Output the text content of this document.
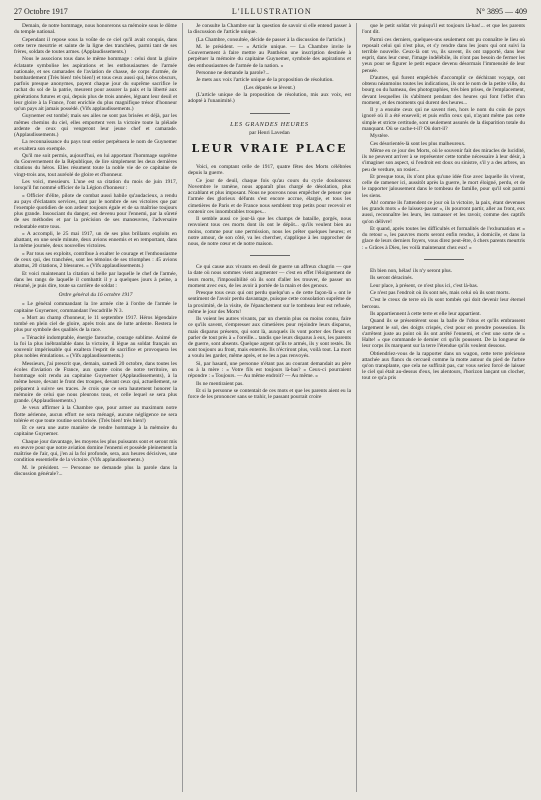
27 Octobre 1917	L'ILLUSTRATION	N° 3895 — 409

Demain, de notre hommage, nous honorerons sa mémoire sous le dôme du temple national.

Cependant il repose sous la voûte de ce ciel qu'il avait conquis, dans cette terre meurtrie et sainte de la ligne des tranchées, parmi tant de ses frères, soldats de toutes armes. (Applaudissements.)

Nous le associons tous dans le même hommage : celui dont la gloire éclatante symbolise les aspirations et les enthousiasmes de l'armée nationale, et ses camarades de l'aviation de chasse, de corps d'armée, de bombardement (Très bien! très bien!) et tous ceux aussi qui, héros obscurs, parfois presque anonymes, payent chaque jour du suprême sacrifice le rachat du sol de la patrie, meurent pour assurer la paix et la liberté aux générations futures et qui, depuis plus de trois années, léguant leur deuil et leur gloire à la France, l'ont enrichie du plus magnifique trésor d'honneur qu'un pays ait jamais possédé. (Vifs applaudissements.)

Guynemer est tombé; mais ses ailes ne sont pas brisées et déjà, par les mêmes chemins du ciel, elles emportent vers la victoire toute la pléiade ardente de ceux qui vengeront leur jeune chef et camarade. (Applaudissements.)

La reconnaissance du pays tout entier perpétuera le nom de Guynemer et exaltera son exemple.

Qu'il me soit permis, aujourd'hui, en lui apportant l'hommage suprême du Gouvernement de la République, de lire simplement les deux dernières citations du héros. Elles résument toute la noble vie de ce capitaine de vingt-trois ans, tout auréolé de gloire et d'honneur.

Les voici, messieurs. L'une est sa citation du mois de juin 1917, lorsqu'il fut nommé officier de la Légion d'honneur :

« Officier d'élite, pilote de combat aussi habile qu'audacieux, a rendu au pays d'éclatants services, tant par le nombre de ses victoires que par l'exemple quotidien de son ardeur toujours égale et de sa maîtrise toujours plus grande. Insouciant du danger, est devenu pour l'ennemi, par la sûreté de ses méthodes et par la précision de ses manœuvres, l'adversaire redoutable entre tous.

« A accompli, le 25 mai 1917, un de ses plus brillants exploits en abattant, en une seule minute, deux avions ennemis et en remportant, dans la même journée, deux nouvelles victoires.

« Par tous ses exploits, contribue à exalter le courage et l'enthousiasme de ceux qui, des tranchées, sont les témoins de ses triomphes : 45 avions abattus, 20 citations, 2 blessures. » (Vifs applaudissements.)

Et voici maintenant la citation si belle par laquelle le chef de l'armée, dans les rangs de laquelle il combattit il y a quelques jours à peine, a résumé, je puis dire, toute sa carrière de soldat :

Ordre général du 16 octobre 1917

« Le général commandant la 1re armée cite à l'ordre de l'armée le capitaine Guynemer, commandant l'escadrille N 3.

« Mort au champ d'honneur, le 11 septembre 1917. Héros légendaire tombé en plein ciel de gloire, après trois ans de lutte ardente. Restera le plus pur symbole des qualités de la race.

« Ténacité indomptable, énergie farouche, courage sublime. Animé de la foi la plus inébranlable dans la victoire, il lègue au soldat français un souvenir impérissable qui exaltera l'esprit de sacrifice et provoquera les plus nobles émulations. » (Vifs applaudissements.)

Messieurs, j'ai prescrit que, demain, samedi 20 octobre, dans toutes les écoles d'aviation de France, aux quatre coins de notre territoire, un hommage soit rendu au capitaine Guynemer (Applaudissements), à la même heure, devant le front des troupes, devant ceux qui, actuellement, se préparent à suivre ses traces. Je crois que ce sera hautement honorer la mémoire de celui que nous pleurons tous, et celle lequel se sera plus grande. (Applaudissements.)

Je veux affirmer à la Chambre que, pour armer au maximum notre flotte aérienne, aucun effort ne sera ménagé, aucune négligence ne sera tolérée et que toute routine sera brisée. (Très bien! très bien!)

Et ce sera une autre manière de rendre hommage à la mémoire du capitaine Guynemer.

Chaque jour davantage, les moyens les plus puissants sont et seront mis en œuvre pour que notre aviation domine l'ennemi et possède pleinement la maîtrise de l'air, qui, j'en ai la foi profonde, sera, aux heures décisives, une condition essentielle de la victoire. (Vifs applaudissements.)

M. le président. — Personne ne demande plus la parole dans la discussion générale?...

Je consulte la Chambre sur la question de savoir si elle entend passer à la discussion de l'article unique.

(La Chambre, consultée, décide de passer à la discussion de l'article.)

M. le président. — « Article unique. — La Chambre invite le Gouvernement à faire mettre au Panthéon une inscription destinée à perpétuer la mémoire du capitaine Guynemer, symbole des aspirations et des enthousiasmes de l'armée de la nation. »

Personne ne demande la parole?...

Je mets aux voix l'article unique de la proposition de résolution.

(Les députés se lèvent.)

(L'article unique de la proposition de résolution, mis aux voix, est adopté à l'unanimité.)

LES GRANDES HEURES

par Henri Lavedan

LEUR VRAIE PLACE

Voici, en comptant celle de 1917, quatre fêtes des Morts célébrées depuis la guerre.

Ce jour de deuil, chaque fois qu'au cours du cycle douloureux Novembre le ramène, nous apparaît plus chargé de désolation, plus accablant et plus imposant. Nous ne pouvons nous empêcher de penser que l'armée des glorieux défunts s'est encore accrue, élargie, et tous les cimetières de Paris et de France nous semblent trop petits pour recevoir et contenir ces innombrables troupes...

Il semble aussi ce jour-là que les champs de bataille, gorgés, nous renvoient tous ces morts dont ils ont le dépôt... qu'ils veulent bien au moins, comme pour une permission, nous les prêter quelques heures; et notre amour, de son côté, va les chercher, s'applique à les rapprocher de nous, de notre cœur et de notre maison.

Ce qui cause aux vivants en deuil de guerre un affreux chagrin — que la date où nous sommes vient augmenter — c'est en effet l'éloignement de leurs morts, l'impossibilité où ils sont d'aller les trouver, de passer un moment avec eux, de les avoir à portée de la main et des genoux.

Presque tous ceux qui ont perdu quelqu'un « de cette façon-là » ont le sentiment de l'avoir perdu davantage, puisque cette consolation suprême de la proximité, de la visite, de l'épanchement sur le tombeau leur est refusée, même le jour des Morts!

Ils voient les autres vivants, par un chemin plus ou moins connu, faire ce qu'ils savent, s'empresser aux cimetières pour rejoindre leurs disparus, mais disparus présents, qui sont là, auxquels ils vont porter des fleurs et parler de tout près à « l'oreille... tandis que leurs disparus à eux, les parents de guerre, sont absents. Quelque argent qu'ils te armés, ils y sont restés. Ils sont toujours au front, mais enterrés. Ils n'écriront plus, voilà tout. La mort a voulu les garder, même après, et ne les a pas renvoyés.

Si, par hasard, une personne n'étant pas au courant demandait au père ou à la mère : « Votre fils est toujours là-bas? » Ceux-ci pourraient répondre : « Toujours. — Au même endroit? — Au même. »

Ils ne mentiraient pas.

Et si la personne se contentait de ces mots et que les parents aient eu la force de les prononcer sans se trahir, le passant pourrait croire

que le petit soldat vit puisqu'il est toujours là-bas!... et que les parents l'ont dit.

Parmi ces derniers, quelques-uns seulement ont pu connaître le lieu où reposait celui qui n'est plus, et s'y rendre dans les jours qui ont suivi la terrible nouvelle. Ceux-là ont vu, ils savent, ils ont rapporté, dans leur esprit, dans leur cœur, l'image indélébile, ils n'ont pas besoin de fermer les yeux pour se figurer le petit espace devenu désormais l'immensité de leur pensée.

D'autres, qui furent empêchés d'accomplir ce déchirant voyage, ont obtenu néanmoins toutes les indications, ils ont le nom de la petite ville, du bourg ou du hameau, des photographies, très bien prises, de l'emplacement, devant lesquelles ils s'abîment pendant des heures qui font l'effet d'un moment, et des moments qui durent des heures...

Il y a ensuite ceux qui ne savent rien, hors le nom du coin de pays ignoré où il a été enseveli; et puis enfin ceux qui, n'ayant même pas cette simple et stricte certitude, sont seulement assurés de la disparition totale du manquant. Où se cache-t-il? Où dort-il?

Mystère.

Ces désorientés-là sont les plus malheureux.

Même en ce jour des Morts, où le souvenir fait des miracles de lucidité, ils ne peuvent arriver à se représenter cette tombe nécessaire à leur désir, à s'imaginer son aspect, si l'endroit est doux ou sinistre, s'il y a des arbres, un peu de verdure, un rosier...

Et presque tous, ils n'ont plus qu'une idée fixe avec laquelle ils vivent, celle de ramener ici, aussitôt après la guerre, le mort éloigné, perdu, et de le rapporter jalousement dans le tombeau de famille, pour qu'il soit parmi les siens.

Ah! comme ils l'attendent ce jour où la victoire, la paix, étant devenues les grands mots « de laissez-passer », ils pourront partir, aller au front, eux aussi, reconnaître les leurs, les ramasser et les ravoir, comme des captifs qu'on délivre!

Et quand, après toutes les difficultés et formalités de l'exhumation et « du retour », les pauvres morts seront enfin rendus, à domicile, et dans la glace de leurs derniers foyers, vous direz peut-être, ô chers parents meurtris : « Grâces à Dieu, les voilà maintenant chez eux! »

Eh bien non, hélas! ils n'y seront plus.

Ils seront déracinés.

Leur place, à présent, ce n'est plus ici, c'est là-bas.

Ce n'est pas l'endroit où ils sont nés, mais celui où ils sont morts.

C'est le creux de terre où ils sont tombés qui doit devenir leur éternel berceau.

Ils appartiennent à cette terre et elle leur appartient.

Quand ils se présentèrent sous la balle de l'obus et qu'ils embrassent largement le sol, des doigts crispés, c'est pour en prendre possession. Ils s'arrêtent juste au point où ils ont arrêté l'ennemi, et c'est une sorte de « Halte! » que commande le dernier cri qu'ils poussent. De la longueur de leur corps ils marquent sur la terre l'étendue qu'ils veulent dessous.

Obtiendriez-vous de la rapporter dans un wagon, cette terre précieuse attachée aux flancs du cercueil comme la motte autour du pied de l'arbre qu'on transplante, que cela ne suffirait pas, car vous seriez forcé de laisser le ciel qui était au-dessus d'eux, les alentours, l'horizon lançant un clocher, tout ce qu'a pris
